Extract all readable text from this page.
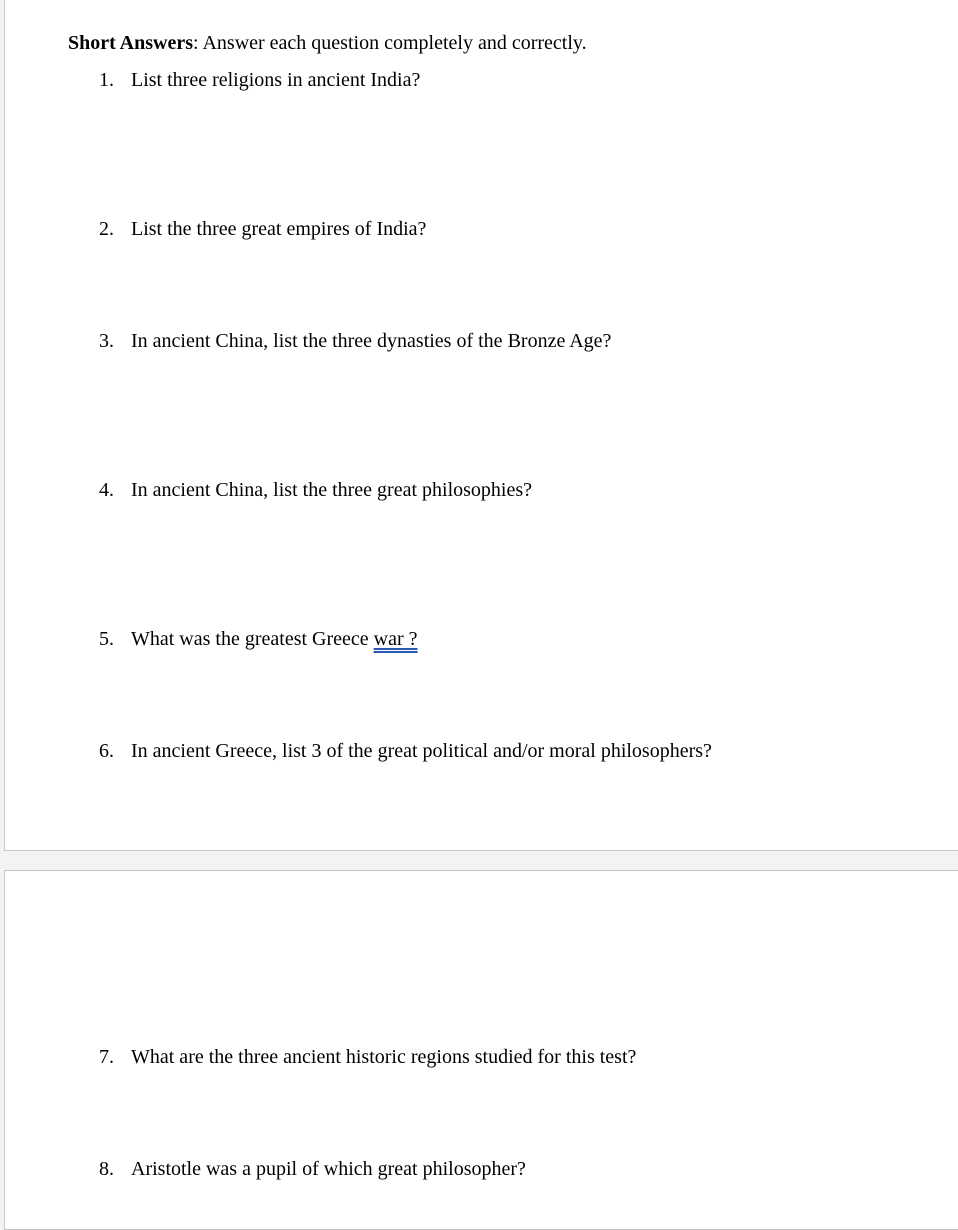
Short Answers: Answer each question completely and correctly.
1. List three religions in ancient India?
2. List the three great empires of India?
3. In ancient China, list the three dynasties of the Bronze Age?
4. In ancient China, list the three great philosophies?
5. What was the greatest Greece war ?
6. In ancient Greece, list 3 of the great political and/or moral philosophers?
7. What are the three ancient historic regions studied for this test?
8. Aristotle was a pupil of which great philosopher?
